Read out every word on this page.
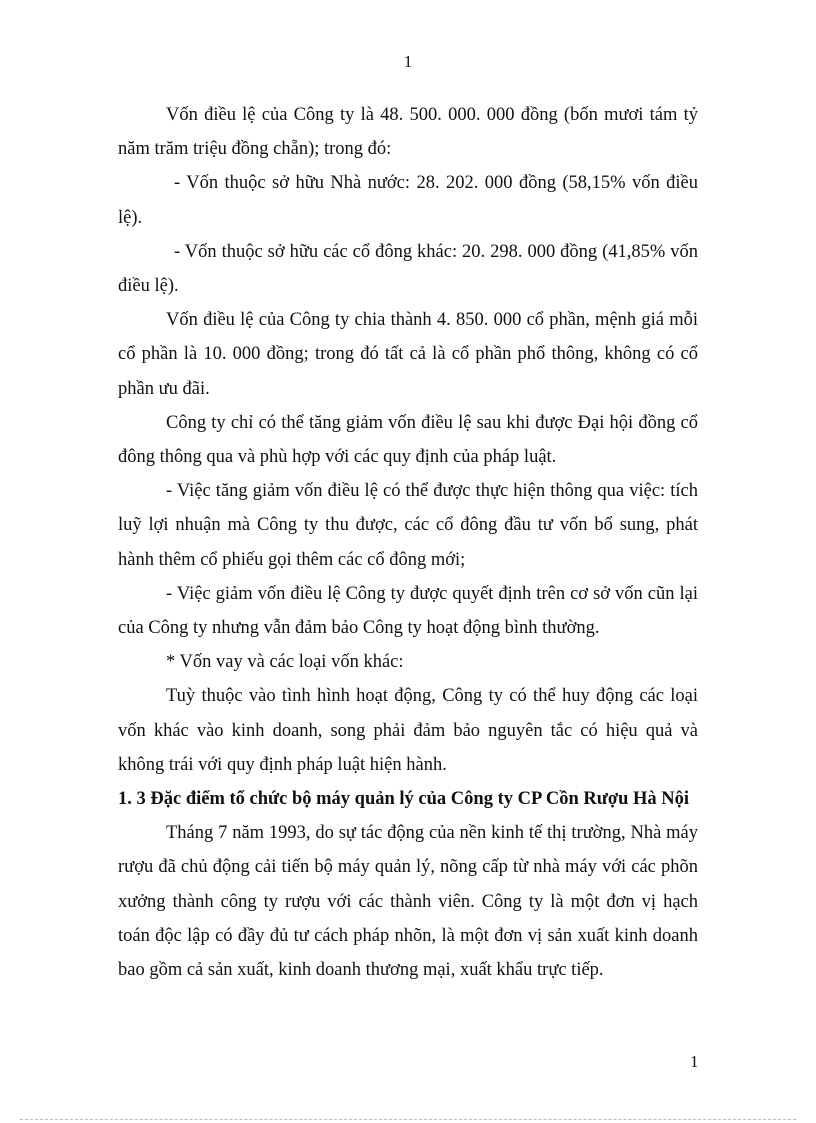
1

Vốn điều lệ của Công ty là 48. 500. 000. 000 đồng (bốn mươi tám tỷ năm trăm triệu đồng chẵn); trong đó:

- Vốn thuộc sở hữu Nhà nước: 28. 202. 000 đồng (58,15% vốn điều lệ).

- Vốn thuộc sở hữu các cổ đông khác: 20. 298. 000 đồng (41,85% vốn điều lệ).

Vốn điều lệ của Công ty chia thành 4. 850. 000 cổ phần, mệnh giá mỗi cổ phần là 10. 000 đồng; trong đó tất cả là cổ phần phổ thông, không có cổ phần ưu đãi.

Công ty chỉ có thể tăng giảm vốn điều lệ sau khi được Đại hội đồng cổ đông thông qua và phù hợp với các quy định của pháp luật.

- Việc tăng giảm vốn điều lệ có thể được thực hiện thông qua việc: tích luỹ lợi nhuận mà Công ty thu được, các cổ đông đầu tư vốn bổ sung, phát hành thêm cổ phiếu gọi thêm các cổ đông mới;

- Việc giảm vốn điều lệ Công ty được quyết định trên cơ sở vốn cũn lại của Công ty nhưng vẫn đảm bảo Công ty hoạt động bình thường.

* Vốn vay và các loại vốn khác:

Tuỳ thuộc vào tình hình hoạt động, Công ty có thể huy động các loại vốn khác vào kinh doanh, song phải đảm bảo nguyên tắc có hiệu quả và không trái với quy định pháp luật hiện hành.

1. 3 Đặc điểm tổ chức bộ máy quản lý của Công ty CP Cồn Rượu Hà Nội

Tháng 7 năm 1993, do sự tác động của nền kinh tế thị trường, Nhà máy rượu đã chủ động cải tiến bộ máy quản lý, nõng cấp từ nhà máy với các phõn xưởng thành công ty rượu với các thành viên. Công ty là một đơn vị hạch toán độc lập có đầy đủ tư cách pháp nhõn, là một đơn vị sản xuất kinh doanh bao gồm cả sản xuất, kinh doanh thương mại, xuất khẩu trực tiếp.

1
